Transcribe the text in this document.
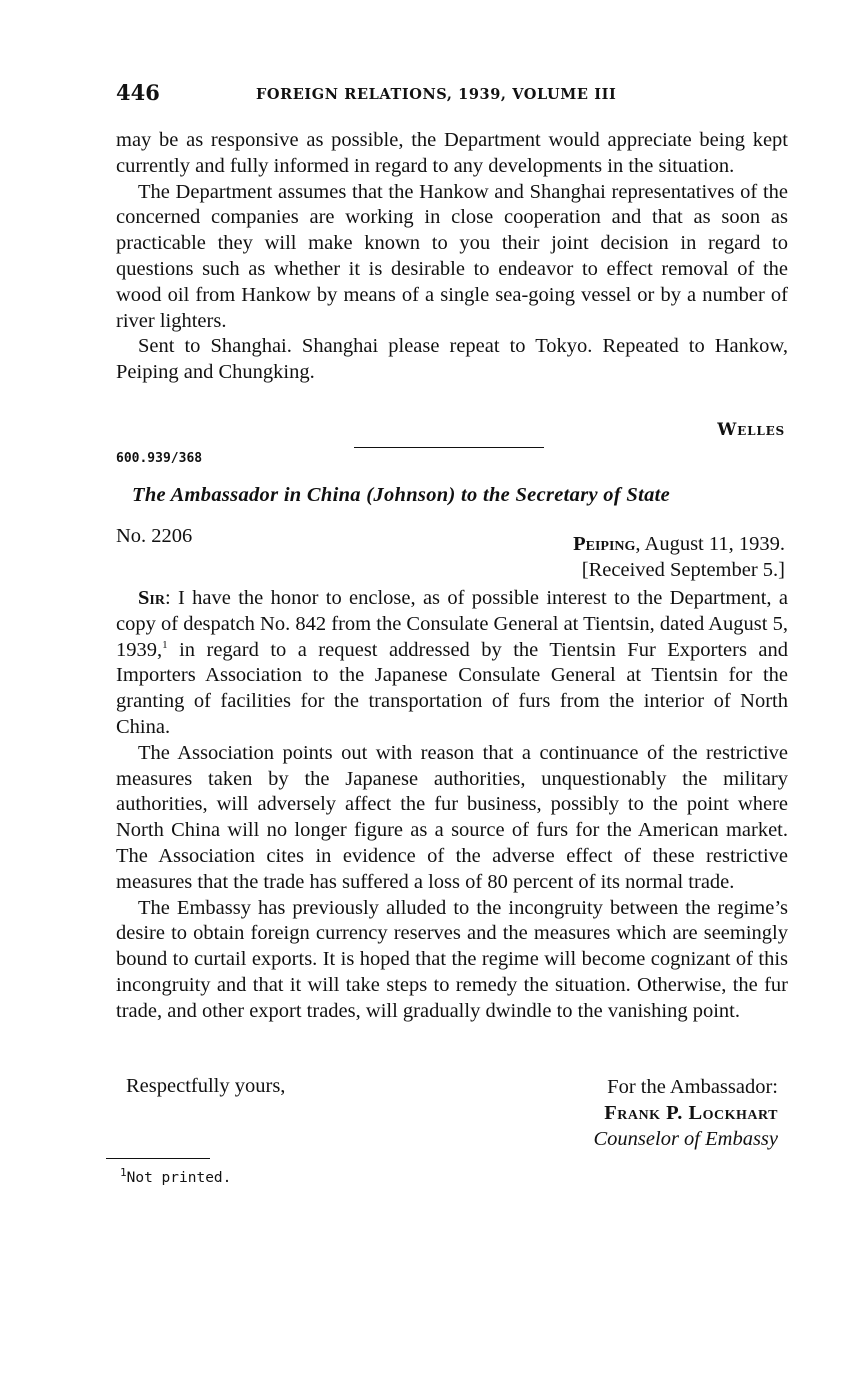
446	FOREIGN RELATIONS, 1939, VOLUME III

may be as responsive as possible, the Department would appreciate being kept currently and fully informed in regard to any developments in the situation.

The Department assumes that the Hankow and Shanghai representatives of the concerned companies are working in close cooperation and that as soon as practicable they will make known to you their joint decision in regard to questions such as whether it is desirable to endeavor to effect removal of the wood oil from Hankow by means of a single sea-going vessel or by a number of river lighters.

Sent to Shanghai. Shanghai please repeat to Tokyo. Repeated to Hankow, Peiping and Chungking.

Welles
600.939/368
The Ambassador in China (Johnson) to the Secretary of State
No. 2206	Peiping, August 11, 1939.
[Received September 5.]

Sir: I have the honor to enclose, as of possible interest to the Department, a copy of despatch No. 842 from the Consulate General at Tientsin, dated August 5, 1939,$^1$ in regard to a request addressed by the Tientsin Fur Exporters and Importers Association to the Japanese Consulate General at Tientsin for the granting of facilities for the transportation of furs from the interior of North China.

The Association points out with reason that a continuance of the restrictive measures taken by the Japanese authorities, unquestionably the military authorities, will adversely affect the fur business, possibly to the point where North China will no longer figure as a source of furs for the American market. The Association cites in evidence of the adverse effect of these restrictive measures that the trade has suffered a loss of 80 percent of its normal trade.

The Embassy has previously alluded to the incongruity between the regime’s desire to obtain foreign currency reserves and the measures which are seemingly bound to curtail exports. It is hoped that the regime will become cognizant of this incongruity and that it will take steps to remedy the situation. Otherwise, the fur trade, and other export trades, will gradually dwindle to the vanishing point.

Respectfully yours,	For the Ambassador:
Frank P. Lockhart
Counselor of Embassy
$^1$Not printed.
